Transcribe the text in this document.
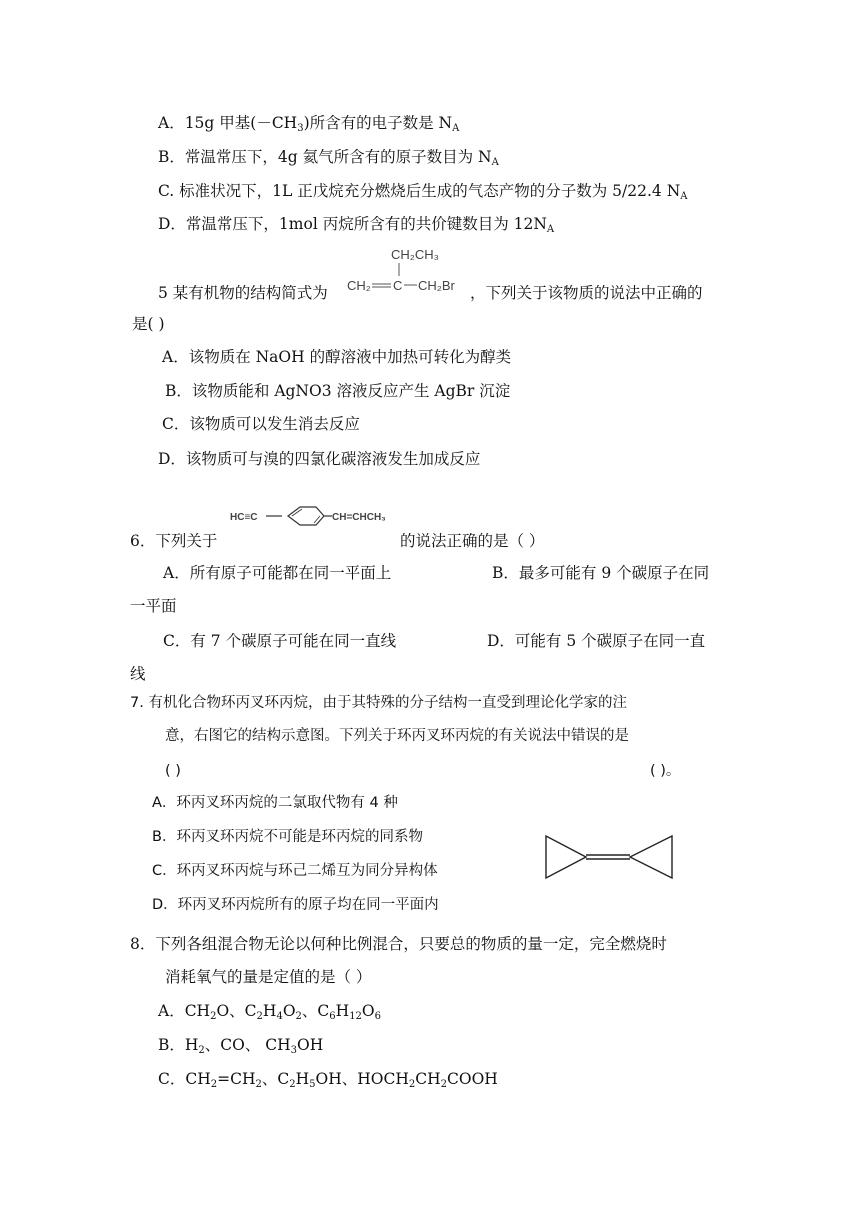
A．15g 甲基$(-CH_3)$所含有的电子数是 $N_A$
B．常温常压下，4g 氦气所含有的原子数目为 $N_A$
C. 标准状况下，1L 正戊烷充分燃烧后生成的气态产物的分子数为 5/22.4 $N_A$
D．常温常压下，1mol 丙烷所含有的共价键数目为 $12N_A$
CH₂CH₃
CH₂ C CH₂Br
5 某有机物的结构简式为	，下列关于该物质的说法中正确的
是( )
A．该物质在 NaOH 的醇溶液中加热可转化为醇类
B．该物质能和 AgNO3 溶液反应产生 AgBr 沉淀
C．该物质可以发生消去反应
D．该物质可与溴的四氯化碳溶液发生加成反应
HC≡C	CH=CHCH₃
6．下列关于	的说法正确的是（ ）
A．所有原子可能都在同一平面上	B．最多可能有 9 个碳原子在同
一平面
C．有 7 个碳原子可能在同一直线	D．可能有 5 个碳原子在同一直
线
7. 有机化合物环丙叉环丙烷，由于其特殊的分子结构一直受到理论化学家的注
意，右图它的结构示意图。下列关于环丙叉环丙烷的有关说法中错误的是
( )	( )。
A．环丙叉环丙烷的二氯取代物有 4 种
B．环丙叉环丙烷不可能是环丙烷的同系物
C．环丙叉环丙烷与环己二烯互为同分异构体
D．环丙叉环丙烷所有的原子均在同一平面内
8．下列各组混合物无论以何种比例混合，只要总的物质的量一定，完全燃烧时
消耗氧气的量是定值的是（ ）
A．$CH_2O$、$C_2H_4O_2$、$C_6H_{12}O_6$
B．$H_2$、CO、 $CH_3OH$
C．$CH_2=CH_2$、$C_2H_5OH$、$HOCH_2CH_2COOH$
